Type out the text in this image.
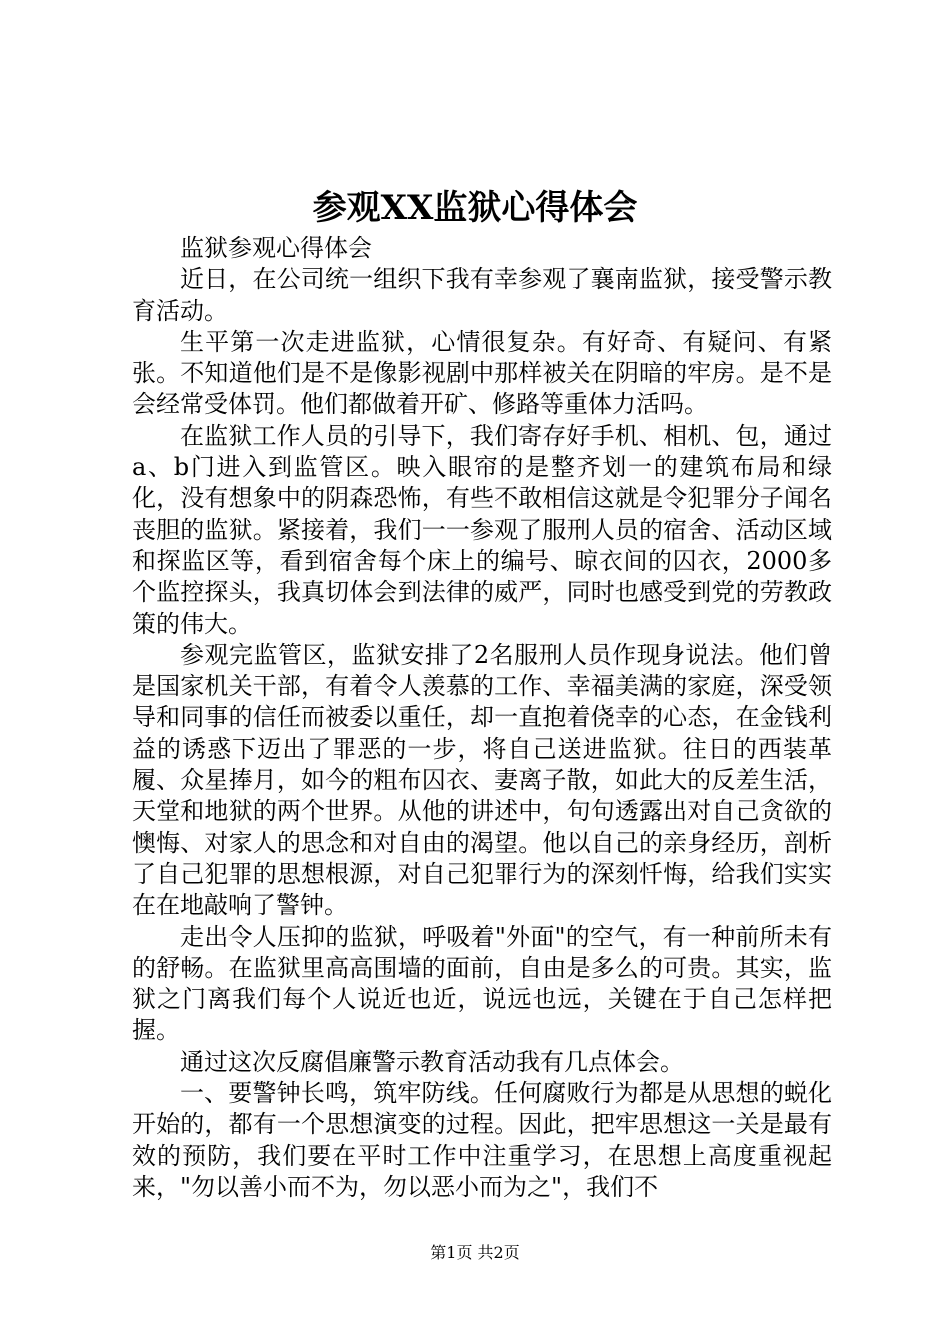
参观XX监狱心得体会

监狱参观心得体会

近日，在公司统一组织下我有幸参观了襄南监狱，接受警示教育活动。

生平第一次走进监狱，心情很复杂。有好奇、有疑问、有紧张。不知道他们是不是像影视剧中那样被关在阴暗的牢房。是不是会经常受体罚。他们都做着开矿、修路等重体力活吗。

在监狱工作人员的引导下，我们寄存好手机、相机、包，通过a、b门进入到监管区。映入眼帘的是整齐划一的建筑布局和绿化，没有想象中的阴森恐怖，有些不敢相信这就是令犯罪分子闻名丧胆的监狱。紧接着，我们一一参观了服刑人员的宿舍、活动区域和探监区等，看到宿舍每个床上的编号、晾衣间的囚衣，2000多个监控探头，我真切体会到法律的威严，同时也感受到党的劳教政策的伟大。

参观完监管区，监狱安排了2名服刑人员作现身说法。他们曾是国家机关干部，有着令人羡慕的工作、幸福美满的家庭，深受领导和同事的信任而被委以重任，却一直抱着侥幸的心态，在金钱利益的诱惑下迈出了罪恶的一步，将自己送进监狱。往日的西装革履、众星捧月，如今的粗布囚衣、妻离子散，如此大的反差生活，天堂和地狱的两个世界。从他的讲述中，句句透露出对自己贪欲的懊悔、对家人的思念和对自由的渴望。他以自己的亲身经历，剖析了自己犯罪的思想根源，对自己犯罪行为的深刻忏悔，给我们实实在在地敲响了警钟。

走出令人压抑的监狱，呼吸着"外面"的空气，有一种前所未有的舒畅。在监狱里高高围墙的面前，自由是多么的可贵。其实，监狱之门离我们每个人说近也近，说远也远，关键在于自己怎样把握。

通过这次反腐倡廉警示教育活动我有几点体会。

一、要警钟长鸣，筑牢防线。任何腐败行为都是从思想的蜕化开始的，都有一个思想演变的过程。因此，把牢思想这一关是最有效的预防，我们要在平时工作中注重学习，在思想上高度重视起来，"勿以善小而不为，勿以恶小而为之"，我们不

第1页 共2页
